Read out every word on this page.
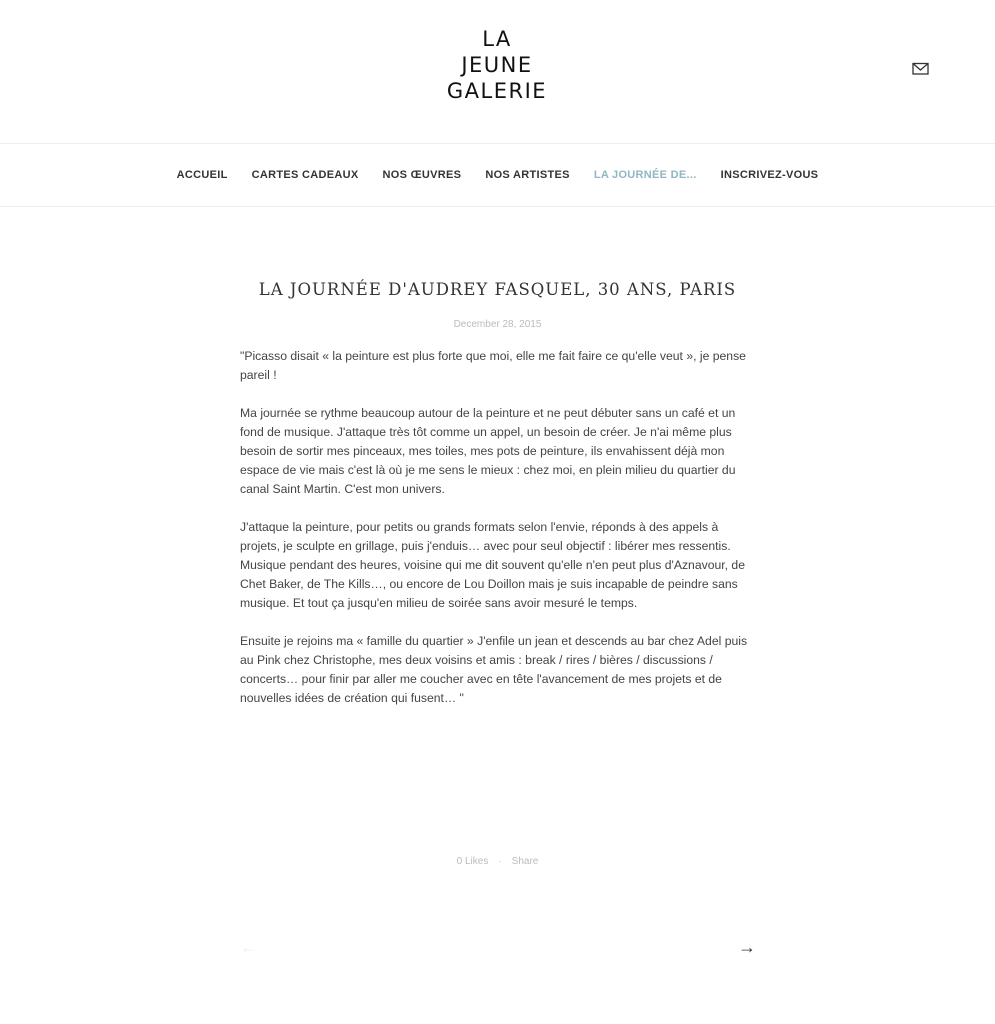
LA
JEUNE
GALERIE
ACCUEIL CARTES CADEAUX NOS ŒUVRES NOS ARTISTES LA JOURNÉE DE... INSCRIVEZ-VOUS
LA JOURNÉE D'AUDREY FASQUEL, 30 ANS, PARIS
December 28, 2015

"Picasso disait « la peinture est plus forte que moi, elle me fait faire ce qu'elle veut », je pense pareil !

Ma journée se rythme beaucoup autour de la peinture et ne peut débuter sans un café et un fond de musique. J'attaque très tôt comme un appel, un besoin de créer. Je n'ai même plus besoin de sortir mes pinceaux, mes toiles, mes pots de peinture, ils envahissent déjà mon espace de vie mais c'est là où je me sens le mieux : chez moi, en plein milieu du quartier du canal Saint Martin. C'est mon univers.

J'attaque la peinture, pour petits ou grands formats selon l'envie, réponds à des appels à projets, je sculpte en grillage, puis j'enduis… avec pour seul objectif : libérer mes ressentis. Musique pendant des heures, voisine qui me dit souvent qu'elle n'en peut plus d'Aznavour, de Chet Baker, de The Kills…, ou encore de Lou Doillon mais je suis incapable de peindre sans musique. Et tout ça jusqu'en milieu de soirée sans avoir mesuré le temps.

Ensuite je rejoins ma « famille du quartier » J'enfile un jean et descends au bar chez Adel puis au Pink chez Christophe, mes deux voisins et amis : break / rires / bières / discussions / concerts… pour finir par aller me coucher avec en tête l'avancement de mes projets et de nouvelles idées de création qui fusent… "

0 Likes · Share
←	→
